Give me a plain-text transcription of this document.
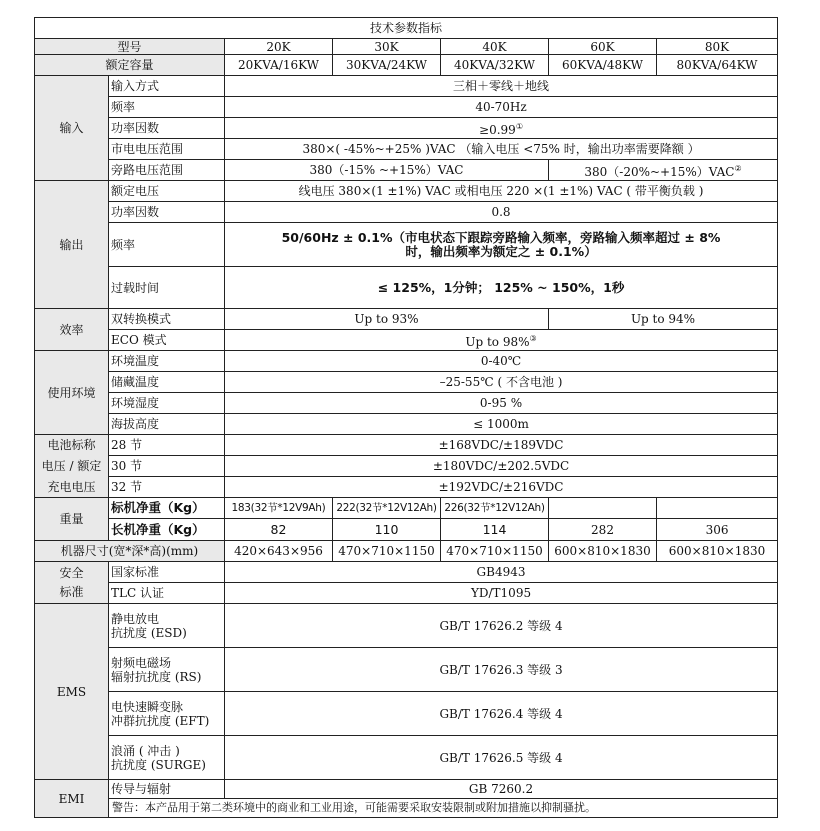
技术参数指标						
型号		20K	30K	40K	60K	80K
额定容量		20KVA/16KW	30KVA/24KW	40KVA/32KW	60KVA/48KW	80KVA/64KW
输入	输入方式	三相＋零线＋地线				
	频率	40-70Hz				
	功率因数	≥0.99①
	市电电压范围	380×( -45%~+25% )VAC （输入电压 <75% 时，输出功率需要降额 ）				
	旁路电压范围	380（-15% ~+15%）VAC			380（-20%~+15%）VAC②
输出	额定电压	线电压 380×(1 ±1%) VAC 或相电压 220 ×(1 ±1%) VAC ( 带平衡负载 )				
	功率因数	0.8				
	频率	50/60Hz ± 0.1%（市电状态下跟踪旁路输入频率，旁路输入频率超过 ± 8%
时，输出频率为额定之 ± 0.1%）				

	过载时间	≤ 125%，1分钟； 125% ~ 150%，1秒				
效率	双转换模式	Up to 93%			Up to 94%	
	ECO 模式	Up to 98%③
使用环境	环境温度	0-40℃				
	储藏温度	–25-55℃ ( 不含电池 )				
	环境湿度	0-95 %				
	海拔高度	≤ 1000m				

电池标称
电压 / 额定
充电电压	28 节	±168VDC/±189VDC				
	30 节	±180VDC/±202.5VDC				
	32 节	±192VDC/±216VDC				
重量	标机净重（Kg）	183(32节*12V9Ah)	222(32节*12V12Ah)	226(32节*12V12Ah)		
	长机净重（Kg）	82	110	114	282	306
机器尺寸(宽*深*高)(mm)		420×643×956	470×710×1150	470×710×1150	600×810×1830	600×810×1830

安全
标准	国家标准	GB4943				
	TLC 认证	YD/T1095				
EMS	静电放电
抗扰度 (ESD)	GB/T 17626.2 等级 4				

	射频电磁场
辐射抗扰度 (RS)	GB/T 17626.3 等级 3				

	电快速瞬变脉
冲群抗扰度 (EFT)	GB/T 17626.4 等级 4				

	浪涌 ( 冲击 )
抗扰度 (SURGE)	GB/T 17626.5 等级 4				
EMI	传导与辐射	GB 7260.2				
	警告：本产品用于第二类环境中的商业和工业用途，可能需要采取安装限制或附加措施以抑制骚扰。					
